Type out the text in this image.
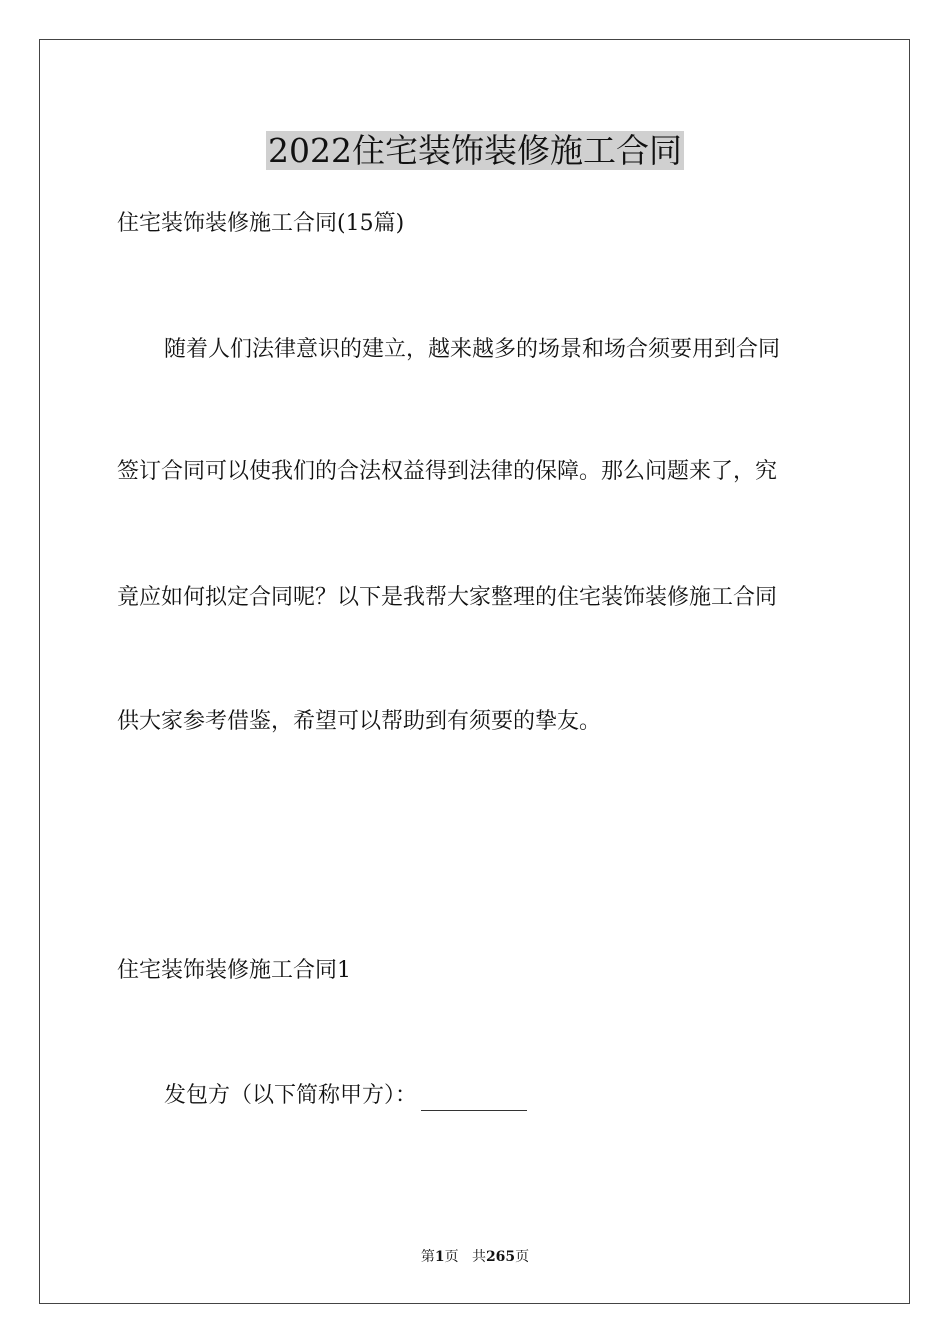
2022住宅装饰装修施工合同

住宅装饰装修施工合同(15篇)

随着人们法律意识的建立，越来越多的场景和场合须要用到合同

签订合同可以使我们的合法权益得到法律的保障。那么问题来了，究

竟应如何拟定合同呢？以下是我帮大家整理的住宅装饰装修施工合同

供大家参考借鉴，希望可以帮助到有须要的挚友。

住宅装饰装修施工合同1

发包方（以下简称甲方）：

第1页 共265页
